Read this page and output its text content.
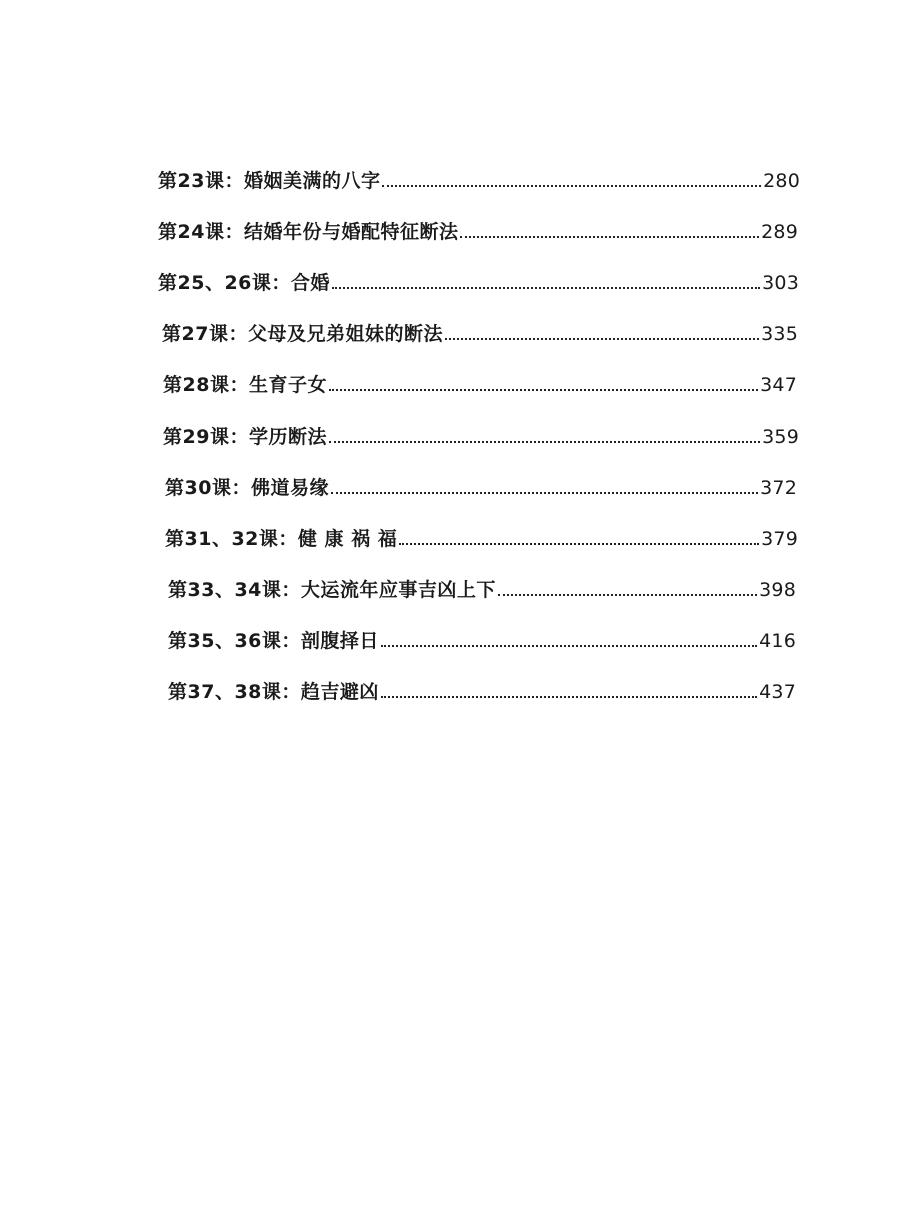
第23课：婚姻美满的八字	280
第24课：结婚年份与婚配特征断法	289
第25、26课：合婚	303
第27课：父母及兄弟姐妹的断法	335
第28课：生育子女	347
第29课：学历断法	359
第30课：佛道易缘	372
第31、32课：健 康 祸 福	379
第33、34课：大运流年应事吉凶上下	398
第35、36课：剖腹择日	416
第37、38课：趋吉避凶	437
